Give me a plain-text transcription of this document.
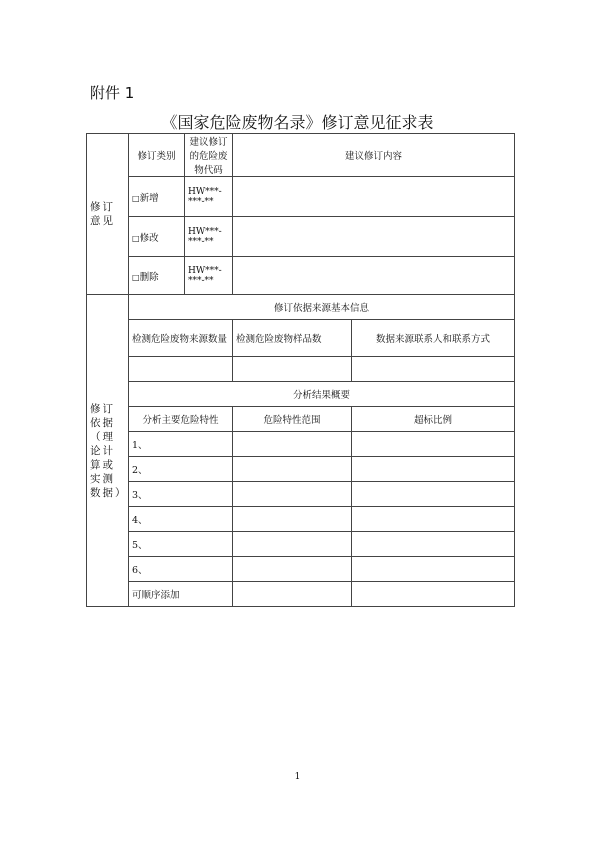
附件 1
《国家危险废物名录》修订意见征求表
修订意见	修订类别	建议修订的危险废物代码	建议修订内容	
	□新增	HW***-***-**		
	□修改	HW***-***-**		
	□删除	HW***-***-**		
修订依据（理论计算或实测数据）	修订依据来源基本信息			
	检测危险废物来源数量		检测危险废物样品数	数据来源联系人和联系方式

	分析结果概要			
	分析主要危险特性		危险特性范围	超标比例
	1、			
	2、			
	3、			
	4、			
	5、			
	6、			
	可顺序添加			
1
